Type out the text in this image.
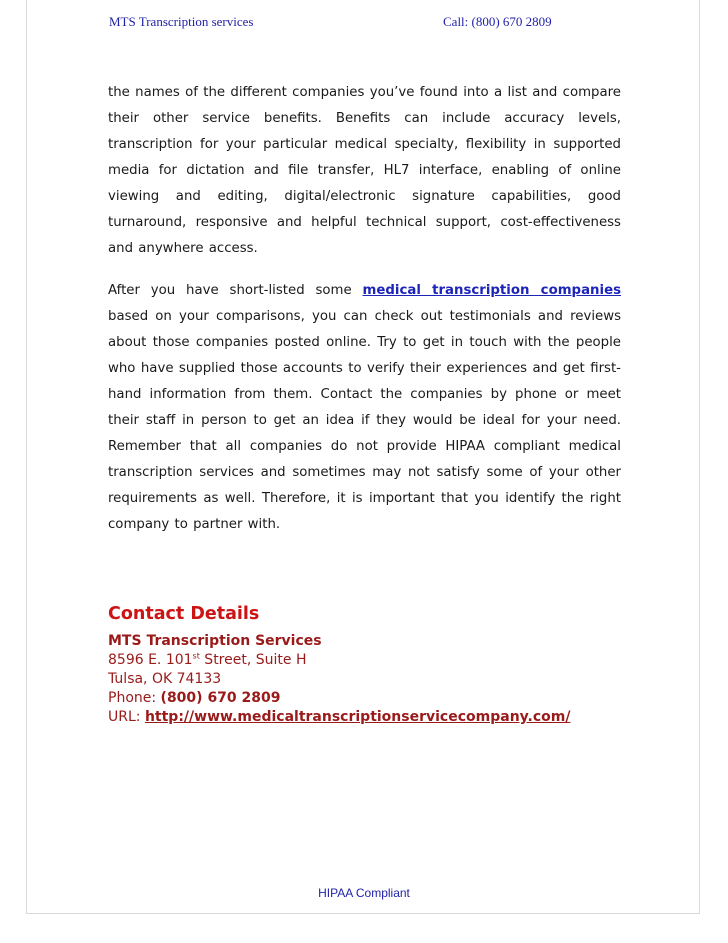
MTS Transcription services	Call: (800) 670 2809

the names of the different companies you’ve found into a list and compare their other service benefits. Benefits can include accuracy levels, transcription for your particular medical specialty, flexibility in supported media for dictation and file transfer, HL7 interface, enabling of online viewing and editing, digital/electronic signature capabilities, good turnaround, responsive and helpful technical support, cost-effectiveness and anywhere access.

After you have short-listed some medical transcription companies based on your comparisons, you can check out testimonials and reviews about those companies posted online. Try to get in touch with the people who have supplied those accounts to verify their experiences and get first-hand information from them. Contact the companies by phone or meet their staff in person to get an idea if they would be ideal for your need. Remember that all companies do not provide HIPAA compliant medical transcription services and sometimes may not satisfy some of your other requirements as well. Therefore, it is important that you identify the right company to partner with.

Contact Details
MTS Transcription Services
8596 E. 101st Street, Suite H
Tulsa, OK 74133
Phone: (800) 670 2809
URL: http://www.medicaltranscriptionservicecompany.com/
HIPAA Compliant
